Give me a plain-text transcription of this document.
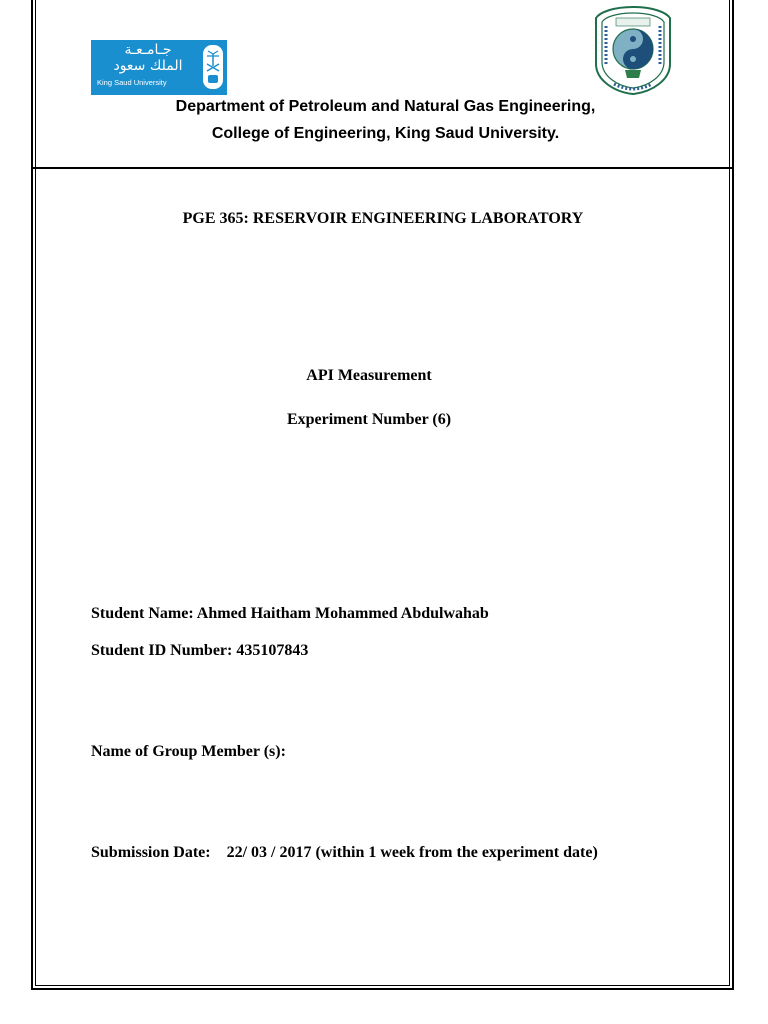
جـامـعـة
الملك سعود
King Saud University
Department of Petroleum and Natural Gas Engineering,
College of Engineering, King Saud University.
PGE 365: RESERVOIR ENGINEERING LABORATORY
API Measurement
Experiment Number (6)
Student Name: Ahmed Haitham Mohammed Abdulwahab
Student ID Number: 435107843
Name of Group Member (s):
Submission Date:    22/ 03 / 2017 (within 1 week from the experiment date)
